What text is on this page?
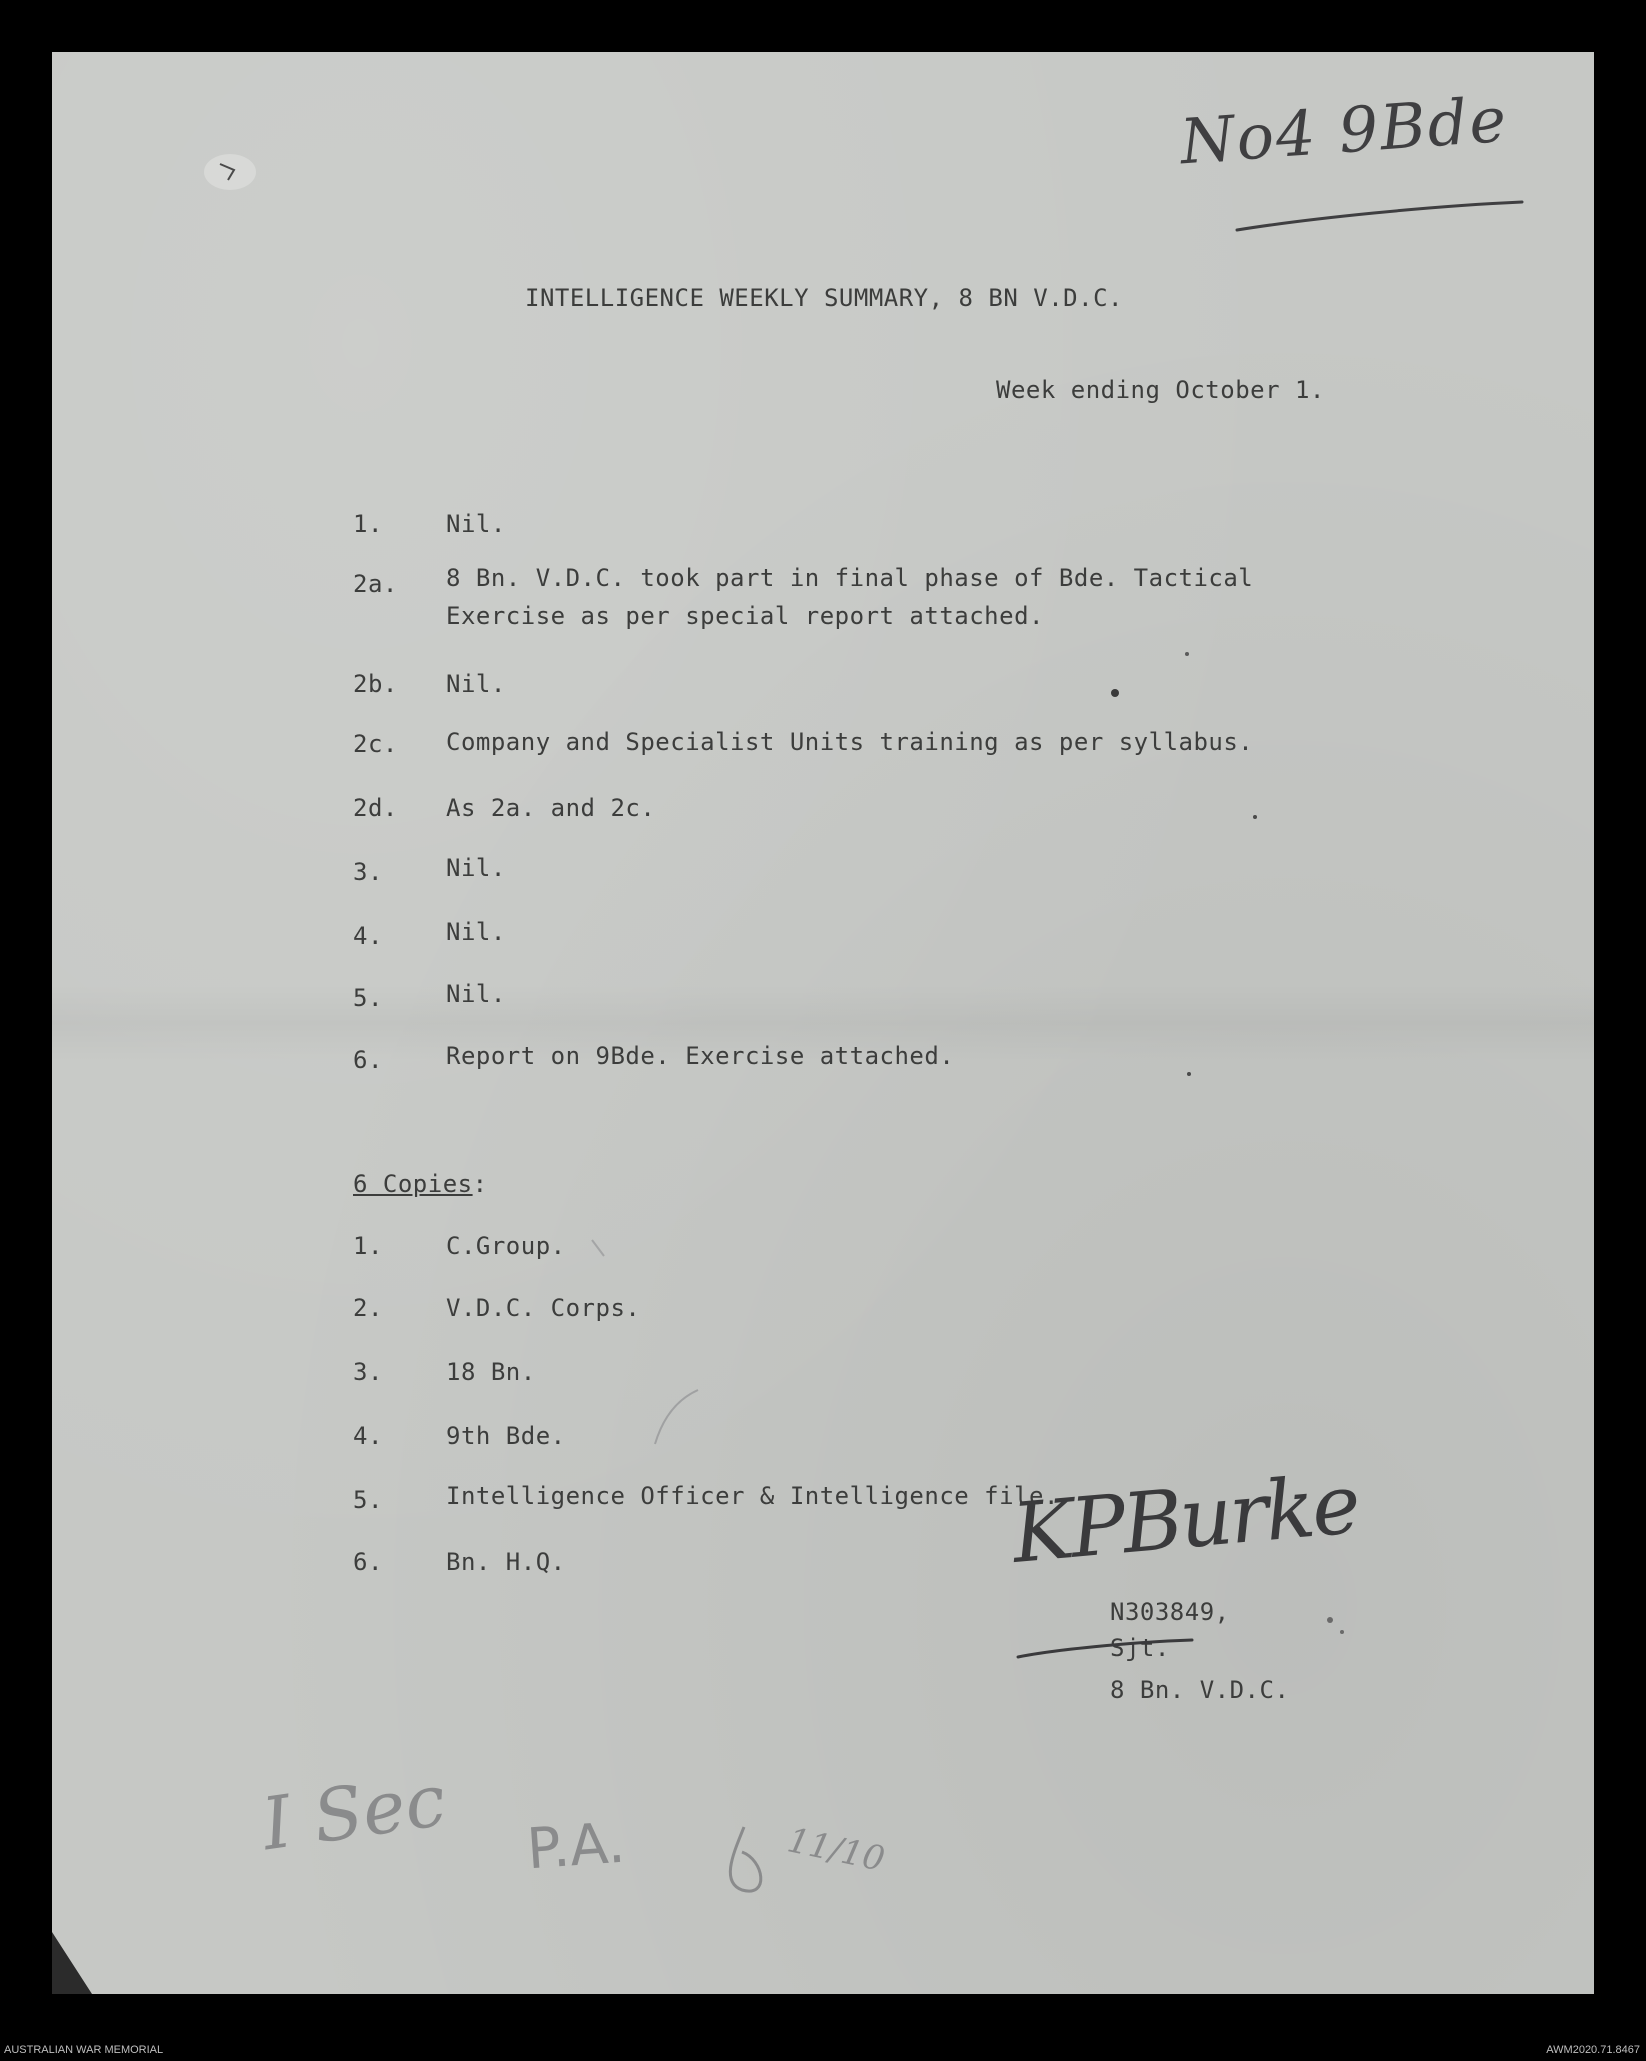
No4 9Bde
INTELLIGENCE WEEKLY SUMMARY, 8 BN V.D.C.
Week ending October 1.
1.	Nil.
2a. 8 Bn. V.D.C. took part in final phase of Bde. Tactical
Exercise as per special report attached.
2b. Nil.
2c. Company and Specialist Units training as per syllabus.
2d. As 2a. and 2c.
3.	Nil.
4.	Nil.
5.	Nil.
6.	Report on 9Bde. Exercise attached.
6 Copies:
1.	C.Group.
2.	V.D.C. Corps.
3.	18 Bn.
4.	9th Bde.
5.	Intelligence Officer & Intelligence file.
6.	Bn. H.Q.	KPBurke
N303849,
Sjt.
8 Bn. V.D.C.
I Sec P.A.	11/10
AUSTRALIAN WAR MEMORIAL	AWM2020.71.8467
